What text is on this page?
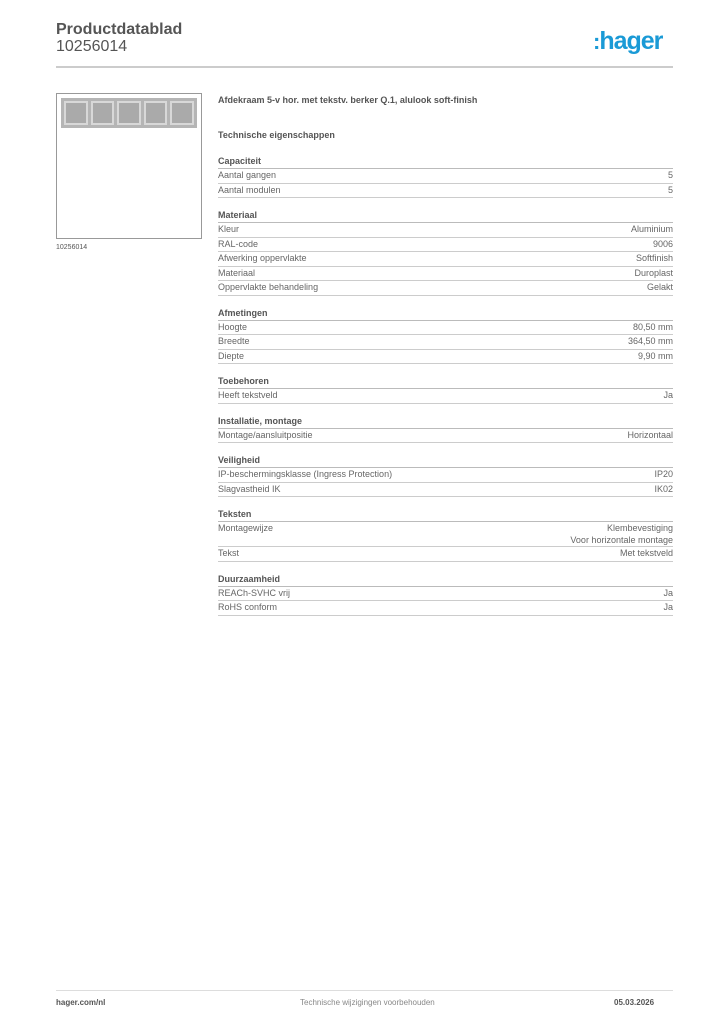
Productdatablad
10256014	:hager
10256014
Afdekraam 5-v hor. met tekstv. berker Q.1, alulook soft-finish
Technische eigenschappen
Capaciteit
Aantal gangen	5
Aantal modulen	5
Materiaal
Kleur	Aluminium
RAL-code	9006
Afwerking oppervlakte	Softfinish
Materiaal	Duroplast
Oppervlakte behandeling	Gelakt
Afmetingen
Hoogte	80,50 mm
Breedte	364,50 mm
Diepte	9,90 mm
Toebehoren
Heeft tekstveld	Ja
Installatie, montage
Montage/aansluitpositie	Horizontaal
Veiligheid
IP-beschermingsklasse (Ingress Protection)	IP20
Slagvastheid IK	IK02
Teksten
Montagewijze	Klembevestiging
Voor horizontale montage
Tekst	Met tekstveld
Duurzaamheid
REACh-SVHC vrij	Ja
RoHS conform	Ja
hager.com/nl	Technische wijzigingen voorbehouden	05.03.2026
